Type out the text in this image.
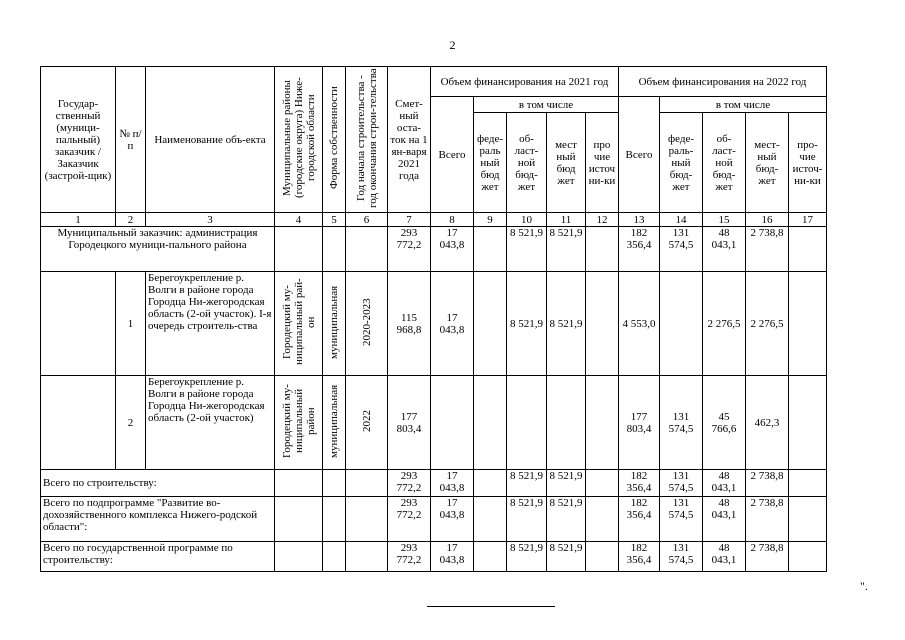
2
Государ-ственный (муници-пальный) заказчик / Заказчик (застрой-щик)	№ п/п	Наименование объ-екта	Муниципальные районы (городские округа) Ниже-городской области	Форма собственности	Год начала строительства - год окончания строи-тельства	Смет-ный оста-ток на 1 ян-варя 2021 года	Объем финансирования на 2021 год					Объем финансирования на 2022 год				
							Всего	в том числе				Всего	в том числе			
								феде-раль ный бюд жет	об-ласт-ной бюд-жет	мест ный бюд жет	про чие источ ни-ки		феде-раль-ный бюд-жет	об-ласт-ной бюд-жет	мест-ный бюд-жет	про-чие источ-ни-ки
1	2	3	4	5	6	7	8	9	10	11	12	13	14	15	16	17
Муниципальный заказчик: администрация Городецкого муници-пального района						293 772,2	17 043,8		8 521,9	8 521,9		182 356,4	131 574,5	48 043,1	2 738,8	
	1	Берегоукрепление р. Волги в районе города Городца Ни-жегородская область (2-ой участок). I-я очередь строитель-ства	Городецкий му-ниципальный рай-он	муниципальная	2020-2023	115 968,8	17 043,8		8 521,9	8 521,9		4 553,0		2 276,5	2 276,5	
	2	Берегоукрепление р. Волги в районе города Городца Ни-жегородская область (2-ой участок)	Городецкий му-ниципальный район	муниципальная	2022	177 803,4						177 803,4	131 574,5	45 766,6	462,3	
Всего по строительству:						293 772,2	17 043,8		8 521,9	8 521,9		182 356,4	131 574,5	48 043,1	2 738,8	
Всего по подпрограмме "Развитие во-дохозяйственного комплекса Нижего-родской области":						293 772,2	17 043,8		8 521,9	8 521,9		182 356,4	131 574,5	48 043,1	2 738,8	
Всего по государственной программе по строительству:						293 772,2	17 043,8		8 521,9	8 521,9		182 356,4	131 574,5	48 043,1	2 738,8	
".
